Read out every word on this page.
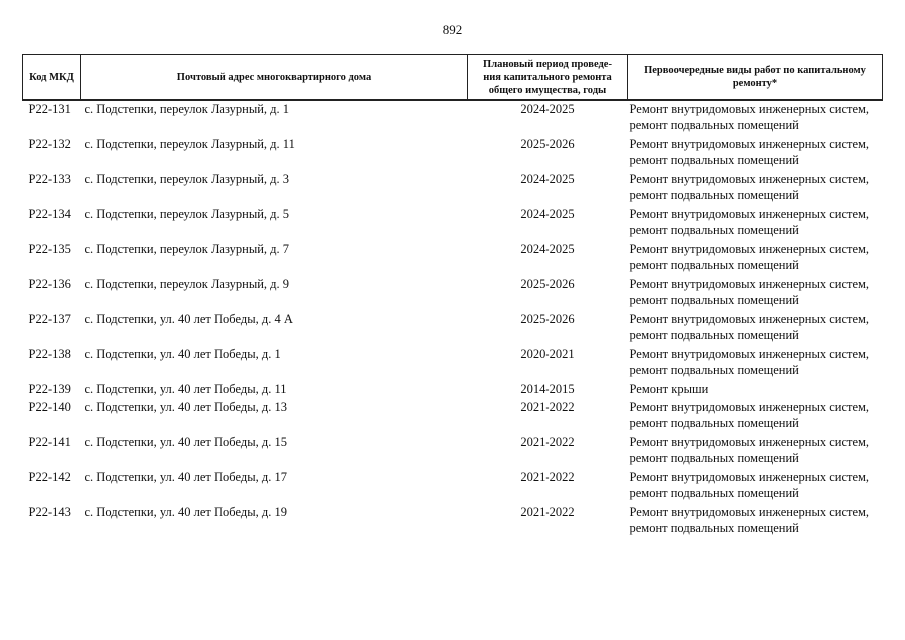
892
Код МКД	Почтовый адрес многоквартирного дома	Плановый период проведе-
ния капитального ремонта
общего имущества, годы	Первоочередные виды работ по капитальному
ремонту*

Р22-131	с. Подстепки, переулок Лазурный, д. 1	2024-2025	Ремонт внутридомовых инженерных систем,
ремонт подвальных помещений

Р22-132	с. Подстепки, переулок Лазурный, д. 11	2025-2026	Ремонт внутридомовых инженерных систем,
ремонт подвальных помещений

Р22-133	с. Подстепки, переулок Лазурный, д. 3	2024-2025	Ремонт внутридомовых инженерных систем,
ремонт подвальных помещений

Р22-134	с. Подстепки, переулок Лазурный, д. 5	2024-2025	Ремонт внутридомовых инженерных систем,
ремонт подвальных помещений

Р22-135	с. Подстепки, переулок Лазурный, д. 7	2024-2025	Ремонт внутридомовых инженерных систем,
ремонт подвальных помещений

Р22-136	с. Подстепки, переулок Лазурный, д. 9	2025-2026	Ремонт внутридомовых инженерных систем,
ремонт подвальных помещений

Р22-137	с. Подстепки, ул. 40 лет Победы, д. 4 А	2025-2026	Ремонт внутридомовых инженерных систем,
ремонт подвальных помещений

Р22-138	с. Подстепки, ул. 40 лет Победы, д. 1	2020-2021	Ремонт внутридомовых инженерных систем,
ремонт подвальных помещений

Р22-139	с. Подстепки, ул. 40 лет Победы, д. 11	2014-2015	Ремонт крыши

Р22-140	с. Подстепки, ул. 40 лет Победы, д. 13	2021-2022	Ремонт внутридомовых инженерных систем,
ремонт подвальных помещений

Р22-141	с. Подстепки, ул. 40 лет Победы, д. 15	2021-2022	Ремонт внутридомовых инженерных систем,
ремонт подвальных помещений

Р22-142	с. Подстепки, ул. 40 лет Победы, д. 17	2021-2022	Ремонт внутридомовых инженерных систем,
ремонт подвальных помещений

Р22-143	с. Подстепки, ул. 40 лет Победы, д. 19	2021-2022	Ремонт внутридомовых инженерных систем,
ремонт подвальных помещений
